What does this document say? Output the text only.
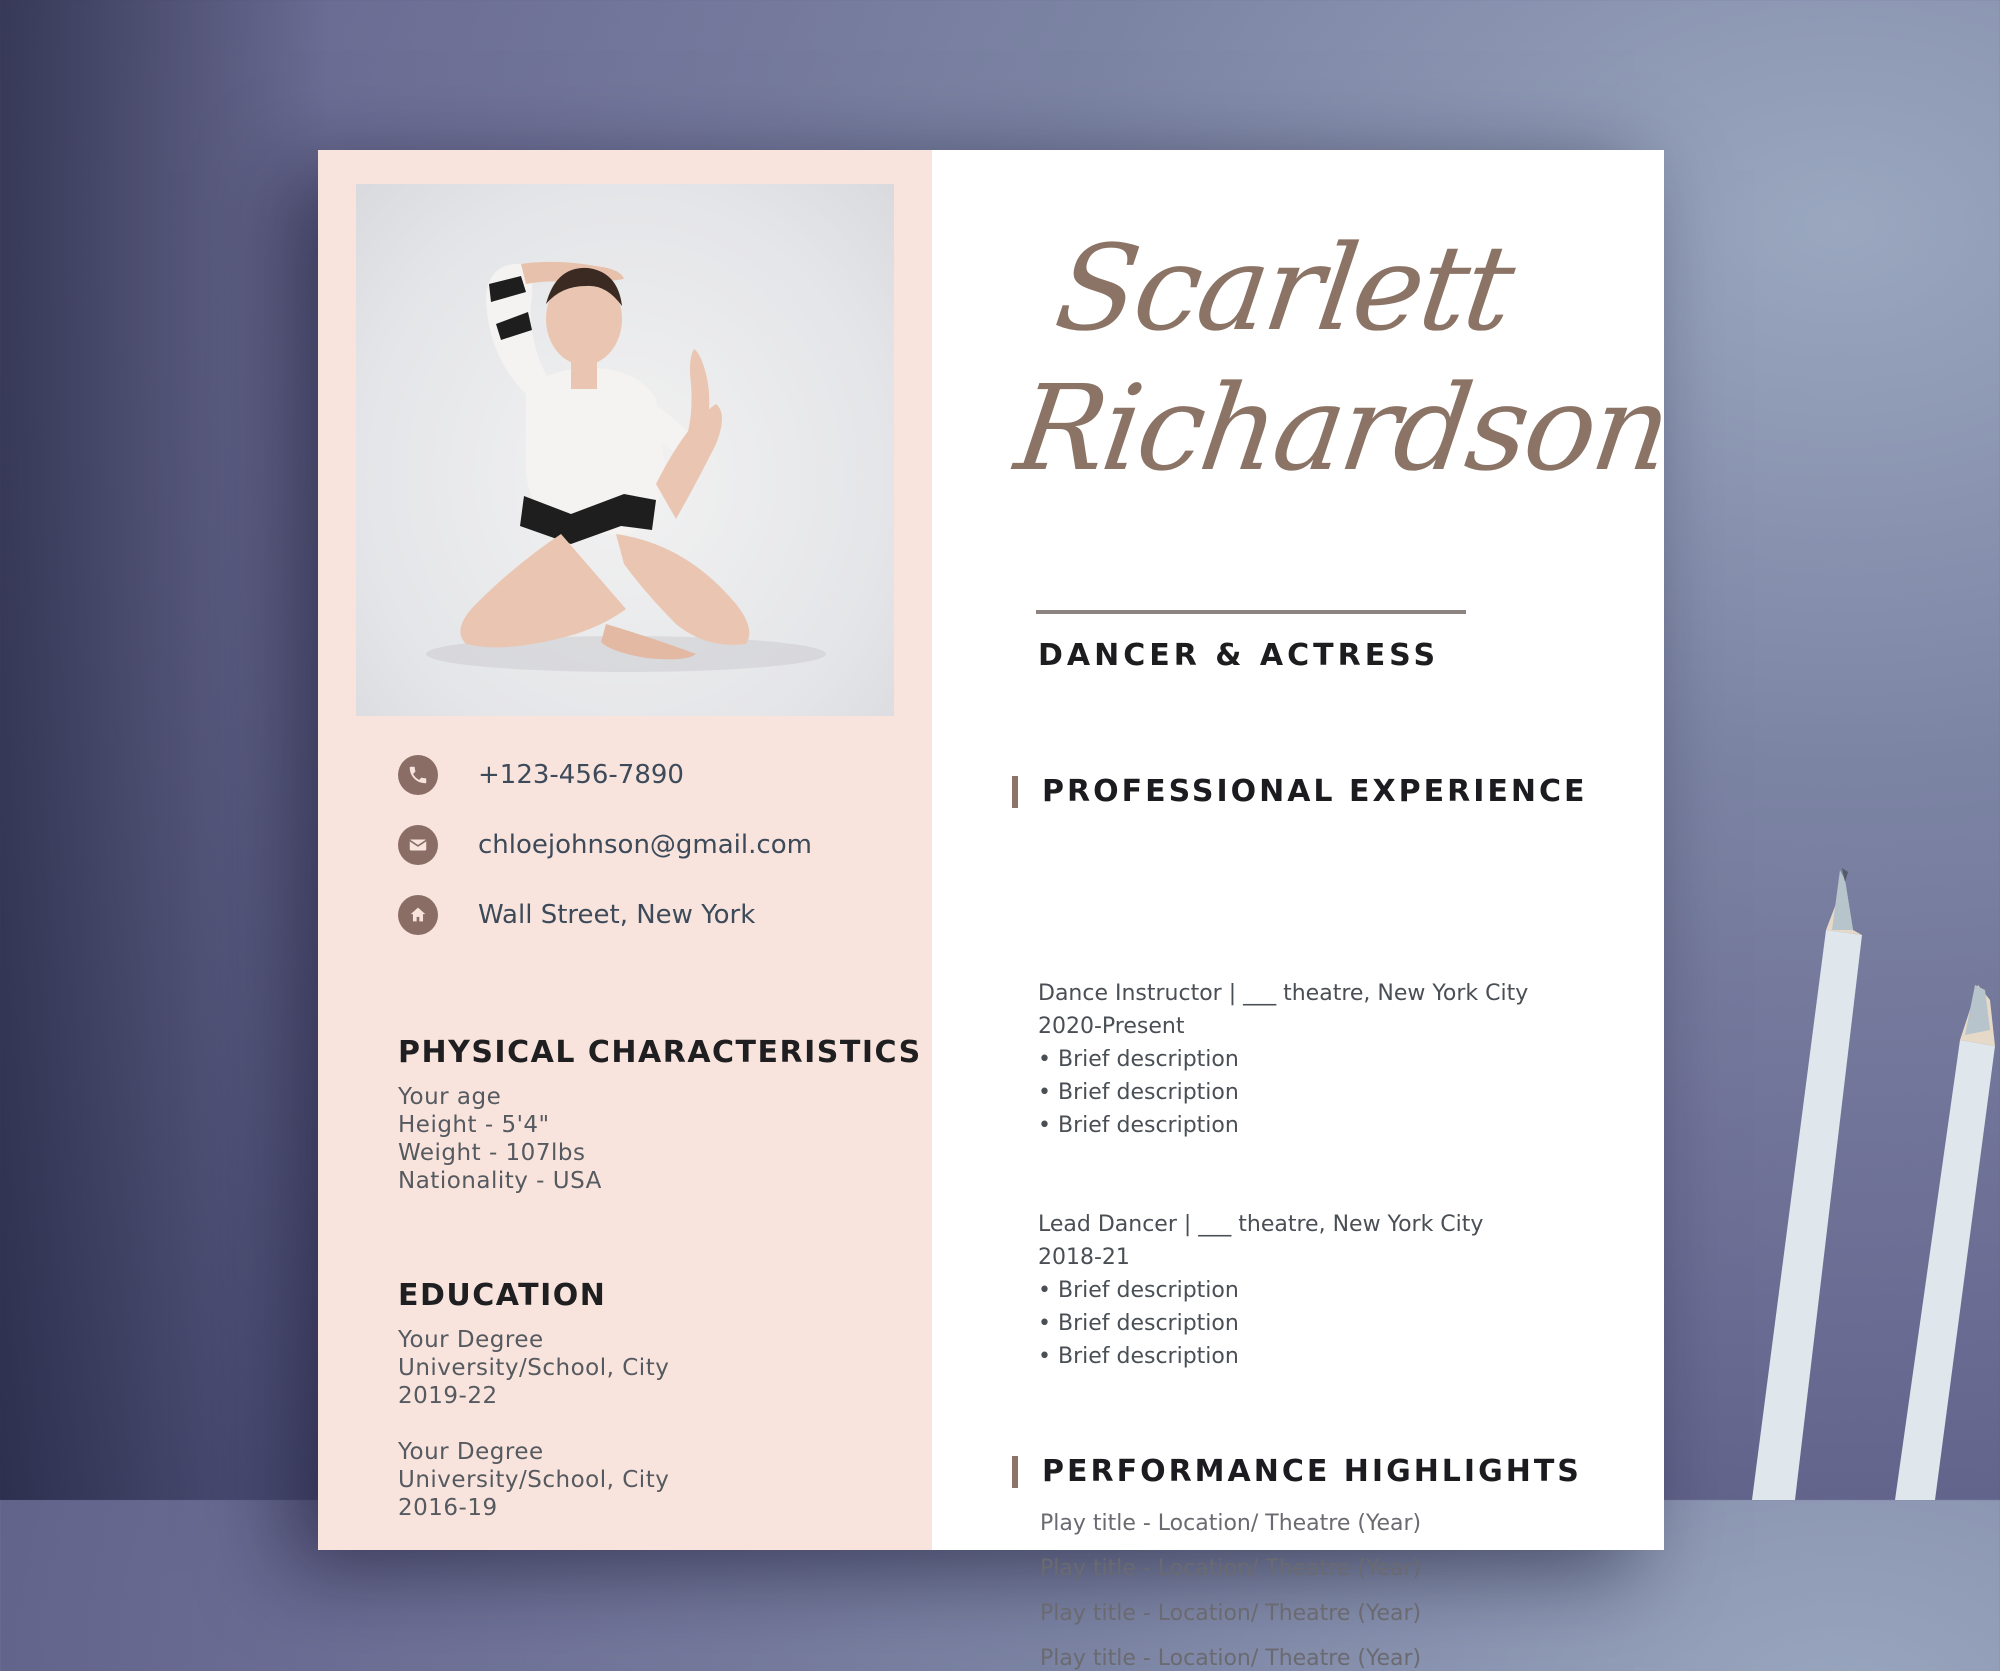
+123-456-7890
chloejohnson@gmail.com
Wall Street, New York
PHYSICAL CHARACTERISTICS
Your age
Height - 5'4"
Weight - 107lbs
Nationality - USA
EDUCATION
Your Degree
University/School, City
2019-22
Your Degree
University/School, City
2016-19
Scarlett
Richardson
DANCER & ACTRESS
PROFESSIONAL EXPERIENCE
Dance Instructor | ___ theatre, New York City
2020-Present
• Brief description
• Brief description
• Brief description
Lead Dancer | ___ theatre, New York City
2018-21
• Brief description
• Brief description
• Brief description
PERFORMANCE HIGHLIGHTS
Play title - Location/ Theatre (Year)
Play title - Location/ Theatre (Year)
Play title - Location/ Theatre (Year)
Play title - Location/ Theatre (Year)
